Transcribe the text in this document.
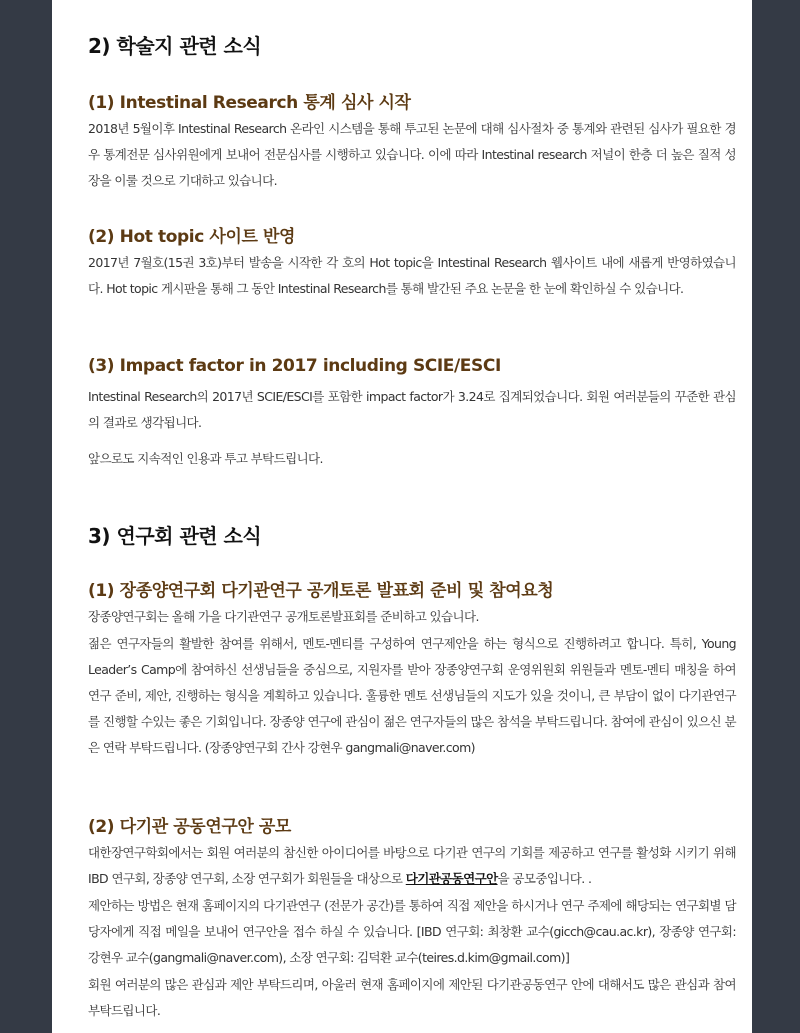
2) 학술지 관련 소식
(1) Intestinal Research 통계 심사 시작

2018년 5월이후 Intestinal Research 온라인 시스템을 통해 투고된 논문에 대해 심사절차 중 통계와 관련된 심사가 필요한 경우 통계전문 심사위원에게 보내어 전문심사를 시행하고 있습니다. 이에 따라 Intestinal research 저널이 한층 더 높은 질적 성장을 이룰 것으로 기대하고 있습니다.

(2) Hot topic 사이트 반영

2017년 7월호(15권 3호)부터 발송을 시작한 각 호의 Hot topic을 Intestinal Research 웹사이트 내에 새롭게 반영하였습니다. Hot topic 게시판을 통해 그 동안 Intestinal Research를 통해 발간된 주요 논문을 한 눈에 확인하실 수 있습니다.

(3) Impact factor in 2017 including SCIE/ESCI

Intestinal Research의 2017년 SCIE/ESCI를 포함한 impact factor가 3.24로 집계되었습니다. 회원 여러분들의 꾸준한 관심의 결과로 생각됩니다.

앞으로도 지속적인 인용과 투고 부탁드립니다.

3) 연구회 관련 소식
(1) 장종양연구회 다기관연구 공개토론 발표회 준비 및 참여요청

장종양연구회는 올해 가을 다기관연구 공개토론발표회를 준비하고 있습니다.

젊은 연구자들의 활발한 참여를 위해서, 멘토-멘티를 구성하여 연구제안을 하는 형식으로 진행하려고 합니다. 특히, Young Leader’s Camp에 참여하신 선생님들을 중심으로, 지원자를 받아 장종양연구회 운영위원회 위원들과 멘토-멘티 매칭을 하여 연구 준비, 제안, 진행하는 형식을 계획하고 있습니다. 훌륭한 멘토 선생님들의 지도가 있을 것이니, 큰 부담이 없이 다기관연구를 진행할 수있는 좋은 기회입니다. 장종양 연구에 관심이 젊은 연구자들의 많은 참석을 부탁드립니다. 참여에 관심이 있으신 분은 연락 부탁드립니다. (장종양연구회 간사 강현우 gangmali@naver.com)

(2) 다기관 공동연구안 공모

대한장연구학회에서는 회원 여러분의 참신한 아이디어를 바탕으로 다기관 연구의 기회를 제공하고 연구를 활성화 시키기 위해 IBD 연구회, 장종양 연구회, 소장 연구회가 회원들을 대상으로 다기관공동연구안을 공모중입니다. .

제안하는 방법은 현재 홈페이지의 다기관연구 (전문가 공간)를 통하여 직접 제안을 하시거나 연구 주제에 해당되는 연구회별 담당자에게 직접 메일을 보내어 연구안을 접수 하실 수 있습니다. [IBD 연구회: 최창환 교수(gicch@cau.ac.kr), 장종양 연구회: 강현우 교수(gangmali@naver.com), 소장 연구회: 김덕환 교수(teires.d.kim@gmail.com)]

회원 여러분의 많은 관심과 제안 부탁드리며, 아울러 현재 홈페이지에 제안된 다기관공동연구 안에 대해서도 많은 관심과 참여 부탁드립니다.
